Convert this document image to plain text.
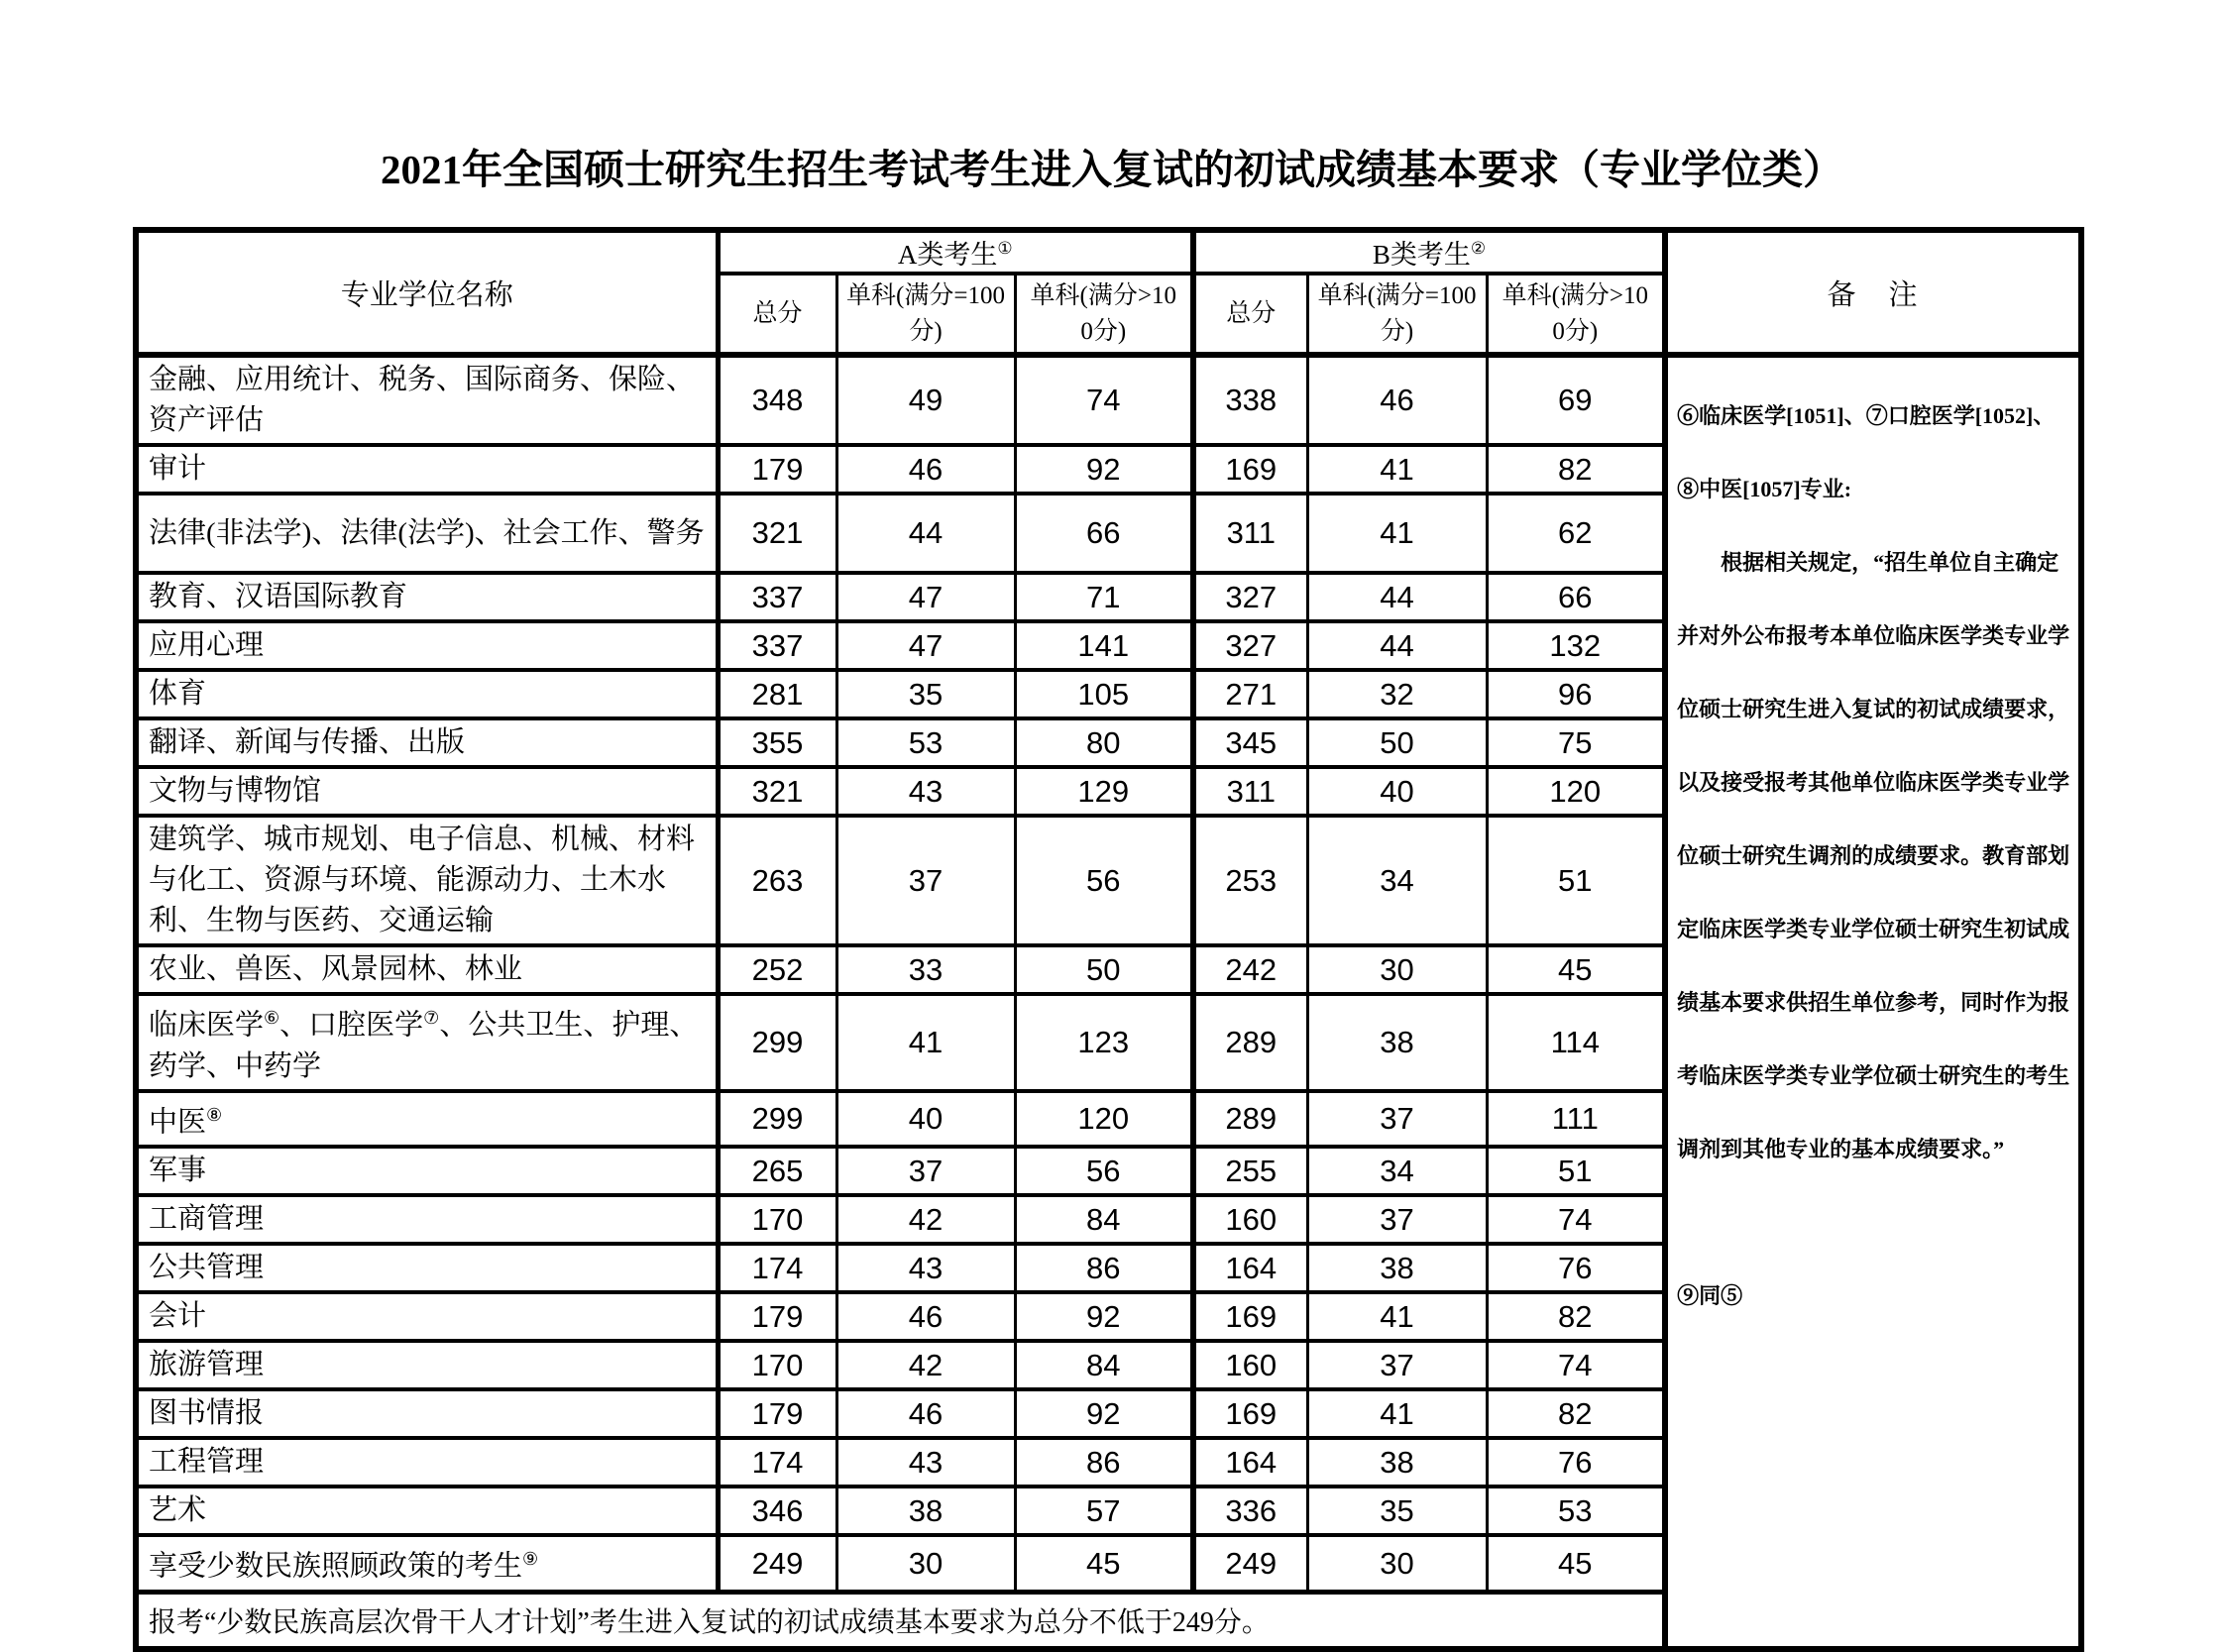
2021年全国硕士研究生招生考试考生进入复试的初试成绩基本要求（专业学位类）
专业学位名称	A类考生①			B类考生②			备　注
	总分	单科(满分=100分)	单科(满分>100分)	总分	单科(满分=100分)	单科(满分>100分)	
金融、应用统计、税务、国际商务、保险、资产评估	348	49	74	338	46	69	⑥临床医学[1051]、⑦口腔医学[1052]、
⑧中医[1057]专业:
　　根据相关规定，“招生单位自主确定
并对外公布报考本单位临床医学类专业学
位硕士研究生进入复试的初试成绩要求，
以及接受报考其他单位临床医学类专业学
位硕士研究生调剂的成绩要求。教育部划
定临床医学类专业学位硕士研究生初试成
绩基本要求供招生单位参考，同时作为报
考临床医学类专业学位硕士研究生的考生
调剂到其他专业的基本成绩要求。”
⑨同⑤

审计	179	46	92	169	41	82	
法律(非法学)、法律(法学)、社会工作、警务	321	44	66	311	41	62	
教育、汉语国际教育	337	47	71	327	44	66	
应用心理	337	47	141	327	44	132	
体育	281	35	105	271	32	96	
翻译、新闻与传播、出版	355	53	80	345	50	75	
文物与博物馆	321	43	129	311	40	120	
建筑学、城市规划、电子信息、机械、材料与化工、资源与环境、能源动力、土木水利、生物与医药、交通运输	263	37	56	253	34	51	
农业、兽医、风景园林、林业	252	33	50	242	30	45	
临床医学⑥、口腔医学⑦、公共卫生、护理、药学、中药学	299	41	123	289	38	114	
中医⑧	299	40	120	289	37	111	
军事	265	37	56	255	34	51	
工商管理	170	42	84	160	37	74	
公共管理	174	43	86	164	38	76	
会计	179	46	92	169	41	82	
旅游管理	170	42	84	160	37	74	
图书情报	179	46	92	169	41	82	
工程管理	174	43	86	164	38	76	
艺术	346	38	57	336	35	53	
享受少数民族照顾政策的考生⑨	249	30	45	249	30	45	
报考“少数民族高层次骨干人才计划”考生进入复试的初试成绩基本要求为总分不低于249分。							
